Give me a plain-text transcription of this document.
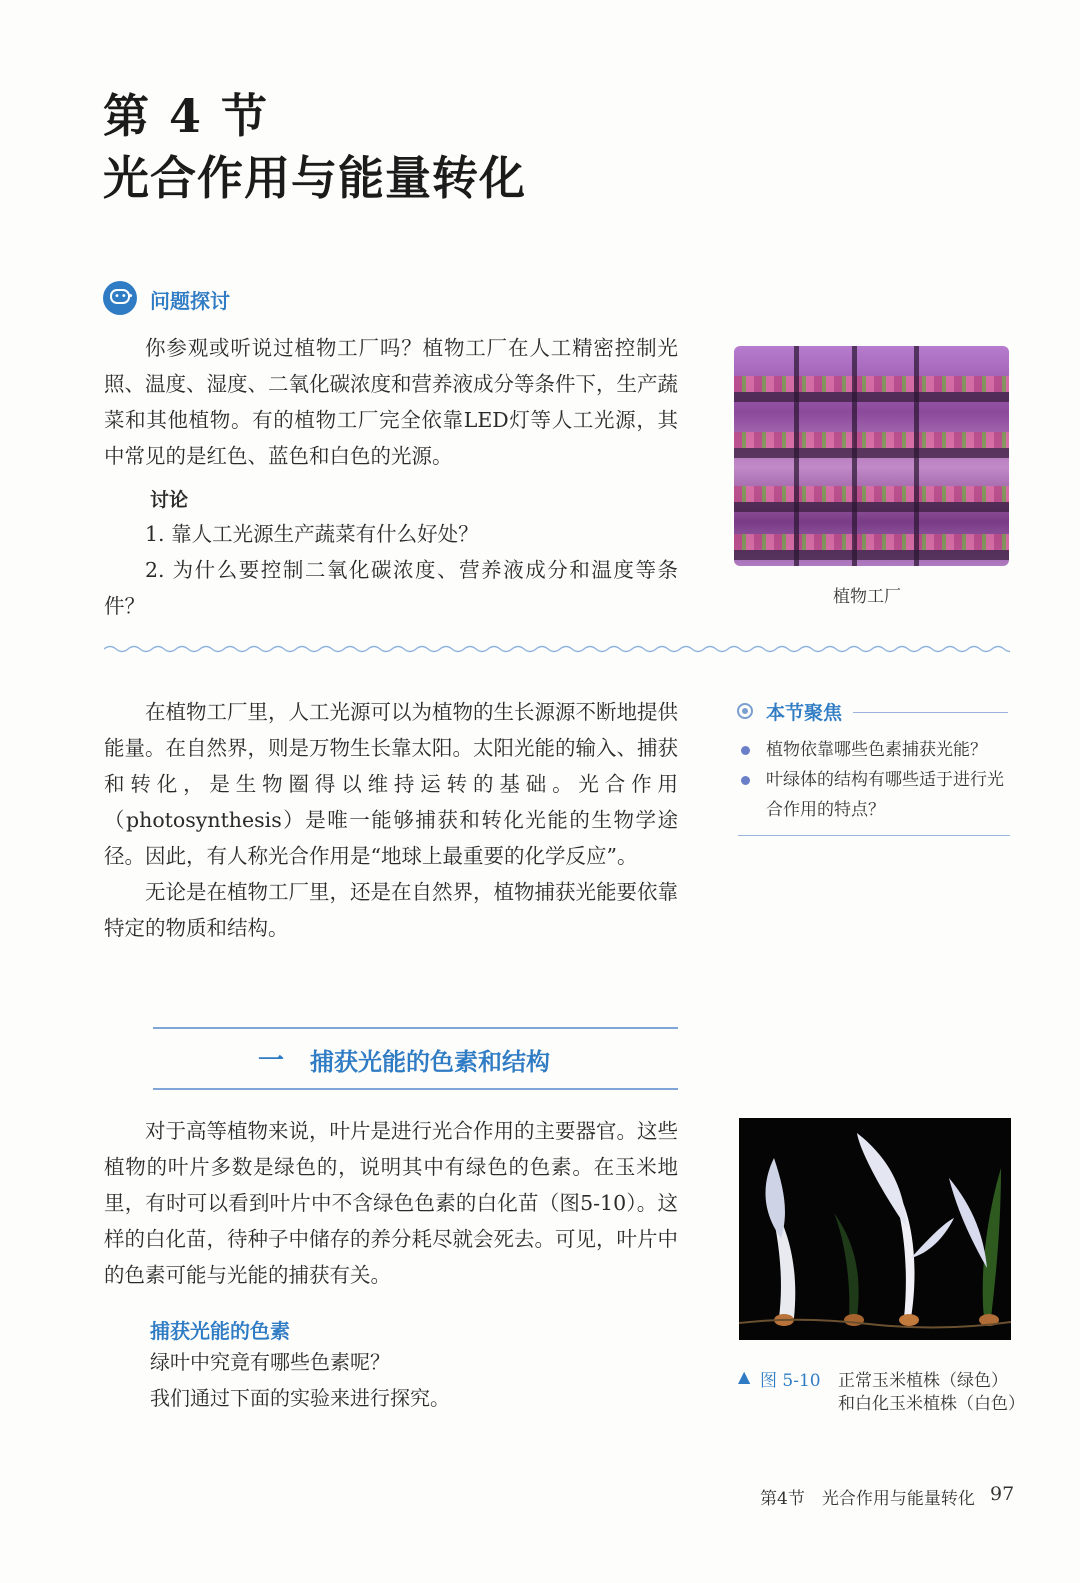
第 4 节
光合作用与能量转化
••• 问题探讨

你参观或听说过植物工厂吗？植物工厂在人工精密控制光照、温度、湿度、二氧化碳浓度和营养液成分等条件下，生产蔬菜和其他植物。有的植物工厂完全依靠LED灯等人工光源，其中常见的是红色、蓝色和白色的光源。

讨论

1. 靠人工光源生产蔬菜有什么好处？

2. 为什么要控制二氧化碳浓度、营养液成分和温度等条件？	植物工厂
本节聚焦
植物依靠哪些色素捕获光能？
叶绿体的结构有哪些适于进行光合作用的特点？

在植物工厂里，人工光源可以为植物的生长源源不断地提供能量。在自然界，则是万物生长靠太阳。太阳光能的输入、捕获和转化，是生物圈得以维持运转的基础。光合作用（photosynthesis）是唯一能够捕获和转化光能的生物学途径。因此，有人称光合作用是“地球上最重要的化学反应”。

无论是在植物工厂里，还是在自然界，植物捕获光能要依靠特定的物质和结构。

一 捕获光能的色素和结构

对于高等植物来说，叶片是进行光合作用的主要器官。这些植物的叶片多数是绿色的，说明其中有绿色的色素。在玉米地里，有时可以看到叶片中不含绿色色素的白化苗（图5-10）。这样的白化苗，待种子中储存的养分耗尽就会死去。可见，叶片中的色素可能与光能的捕获有关。

捕获光能的色素
绿叶中究竟有哪些色素呢？
我们通过下面的实验来进行探究。
▲ 图 5-10 正常玉米植株（绿色）
和白化玉米植株（白色）
第4节　光合作用与能量转化 97
